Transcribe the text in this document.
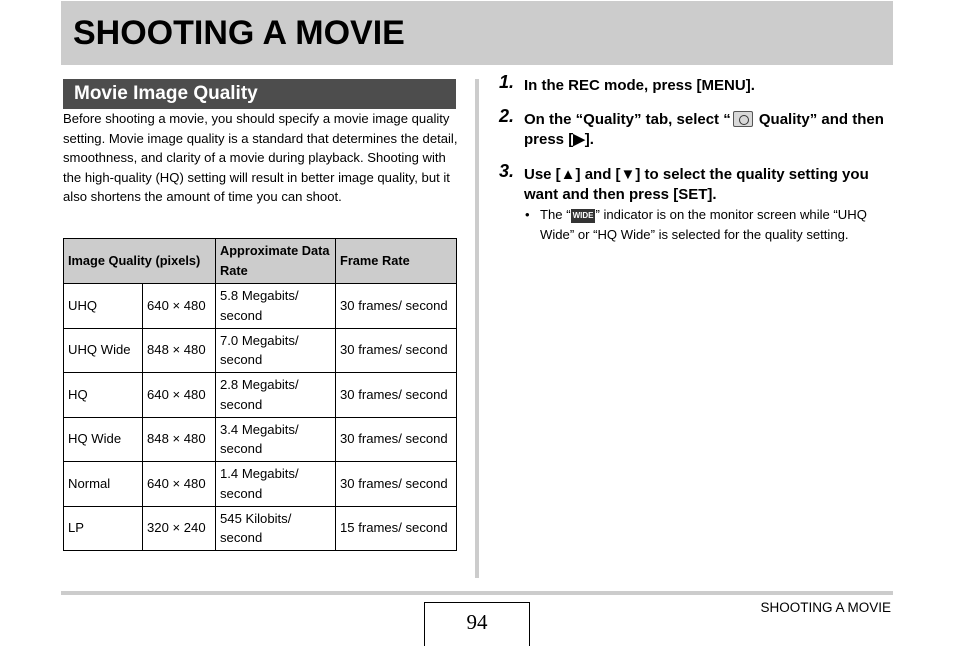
SHOOTING A MOVIE
Movie Image Quality
Before shooting a movie, you should specify a movie image quality setting. Movie image quality is a standard that determines the detail, smoothness, and clarity of a movie during playback. Shooting with the high-quality (HQ) setting will result in better image quality, but it also shortens the amount of time you can shoot.
Image Quality (pixels)		Approximate Data Rate	Frame Rate
UHQ	640 × 480	5.8 Megabits/ second	30 frames/ second
UHQ Wide	848 × 480	7.0 Megabits/ second	30 frames/ second
HQ	640 × 480	2.8 Megabits/ second	30 frames/ second
HQ Wide	848 × 480	3.4 Megabits/ second	30 frames/ second
Normal	640 × 480	1.4 Megabits/ second	30 frames/ second
LP	320 × 240	545 Kilobits/ second	15 frames/ second
1. In the REC mode, press [MENU].
2. On the “Quality” tab, select “ Quality” and then press [▶].
3. Use [▲] and [▼] to select the quality setting you want and then press [SET].
• The “ WIDE ” indicator is on the monitor screen while “UHQ Wide” or “HQ Wide” is selected for the quality setting.
94
SHOOTING A MOVIE
